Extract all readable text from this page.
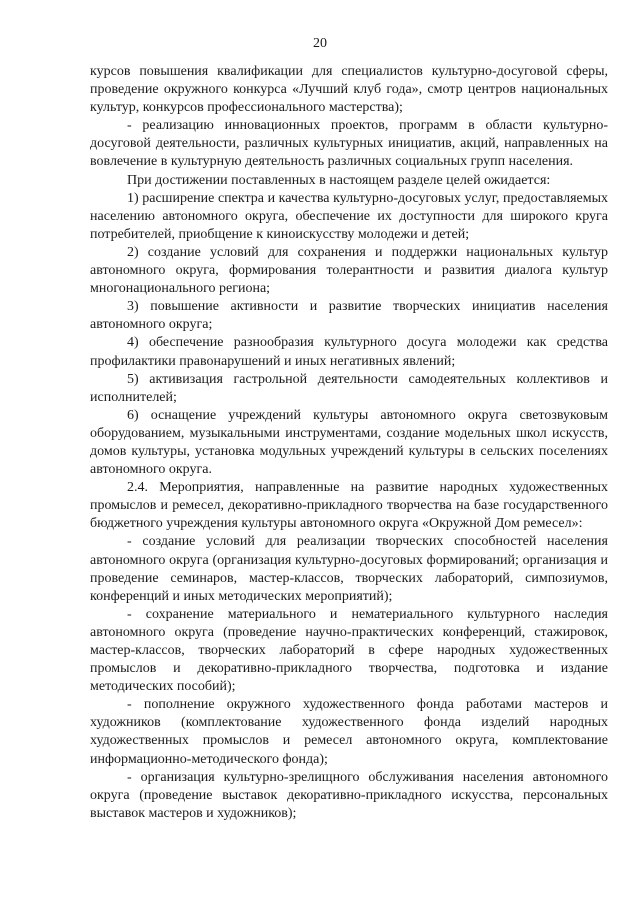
20

курсов повышения квалификации для специалистов культурно-досуговой сферы, проведение окружного конкурса «Лучший клуб года», смотр центров национальных культур, конкурсов профессионального мастерства);

- реализацию инновационных проектов, программ в области культурно-досуговой деятельности, различных культурных инициатив, акций, направленных на вовлечение в культурную деятельность различных социальных групп населения.

При достижении поставленных в настоящем разделе целей ожидается:

1) расширение спектра и качества культурно-досуговых услуг, предоставляемых населению автономного округа, обеспечение их доступности для широкого круга потребителей, приобщение к киноискусству молодежи и детей;

2) создание условий для сохранения и поддержки национальных культур автономного округа, формирования толерантности и развития диалога культур многонационального региона;

3) повышение активности и развитие творческих инициатив населения автономного округа;

4) обеспечение разнообразия культурного досуга молодежи как средства профилактики правонарушений и иных негативных явлений;

5) активизация гастрольной деятельности самодеятельных коллективов и исполнителей;

6) оснащение учреждений культуры автономного округа светозвуковым оборудованием, музыкальными инструментами, создание модельных школ искусств, домов культуры, установка модульных учреждений культуры в сельских поселениях автономного округа.

2.4. Мероприятия, направленные на развитие народных художественных промыслов и ремесел, декоративно-прикладного творчества на базе государственного бюджетного учреждения культуры автономного округа «Окружной Дом ремесел»:

- создание условий для реализации творческих способностей населения автономного округа (организация культурно-досуговых формирований; организация и проведение семинаров, мастер-классов, творческих лабораторий, симпозиумов, конференций и иных методических мероприятий);

- сохранение материального и нематериального культурного наследия автономного округа (проведение научно-практических конференций, стажировок, мастер-классов, творческих лабораторий в сфере народных художественных промыслов и декоративно-прикладного творчества, подготовка и издание методических пособий);

- пополнение окружного художественного фонда работами мастеров и художников (комплектование художественного фонда изделий народных художественных промыслов и ремесел автономного округа, комплектование информационно-методического фонда);

- организация культурно-зрелищного обслуживания населения автономного округа (проведение выставок декоративно-прикладного искусства, персональных выставок мастеров и художников);
